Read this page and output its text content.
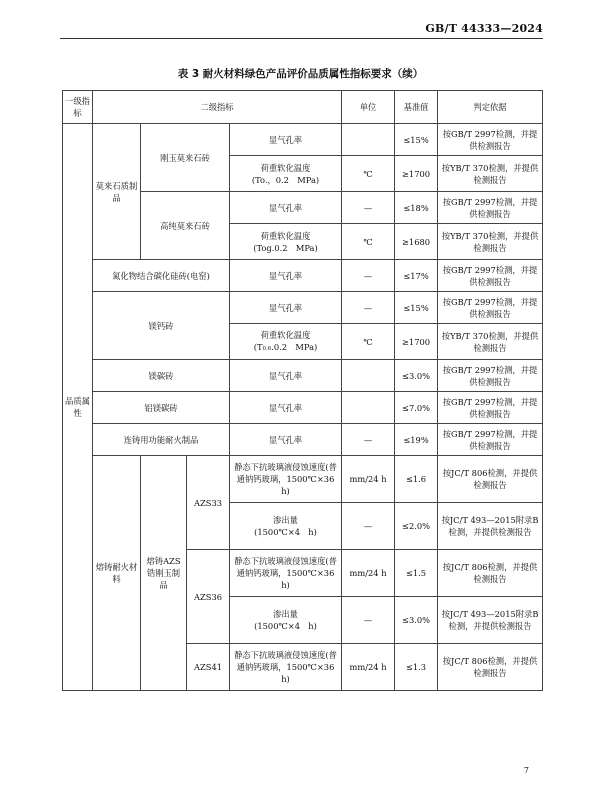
GB/T 44333—2024
表 3 耐火材料绿色产品评价品质属性指标要求（续）
一级指标	二级指标				单位	基准值	判定依据
品质属性	莫来石质制品	刚玉莫来石砖		显气孔率		≤15%	按GB/T 2997检测，并提供检测报告

				荷重软化温度
(To.，0.2　MPa)	℃	≥1700	按YB/T 370检测，并提供检测报告
		高纯莫来石砖		显气孔率	—	≤18%	按GB/T 2997检测，并提供检测报告

				荷重软化温度
(Tog.0.2　MPa)	℃	≥1680	按YB/T 370检测，并提供检测报告
	氮化物结合碳化硅砖(电窑)			显气孔率	—	≤17%	按GB/T 2997检测，并提供检测报告
	镁钙砖			显气孔率	—	≤15%	按GB/T 2997检测，并提供检测报告

				荷重软化温度
(T0.6.0.2　MPa)	℃	≥1700	按YB/T 370检测，并提供检测报告
	镁碳砖			显气孔率		≤3.0%	按GB/T 2997检测，并提供检测报告
	铝镁碳砖			显气孔率		≤7.0%	按GB/T 2997检测，并提供检测报告
	连铸用功能耐火制品			显气孔率	—	≤19%	按GB/T 2997检测，并提供检测报告
	熔铸耐火材料	熔铸AZS锆刚玉制品	AZS33	静态下抗玻璃液侵蚀速度(普通钠钙玻璃，1500℃×36　h)	mm/24 h	≤1.6	按JC/T 806检测，并提供检测报告

				渗出量
(1500℃×4　h)	—	≤2.0%	按JC/T 493—2015附录B检测，并提供检测报告
			AZS36	静态下抗玻璃液侵蚀速度(普通钠钙玻璃，1500℃×36　h)	mm/24 h	≤1.5	按JC/T 806检测，并提供检测报告

				渗出量
(1500℃×4　h)	—	≤3.0%	按JC/T 493—2015附录B检测，并提供检测报告
			AZS41	静态下抗玻璃液侵蚀速度(普通钠钙玻璃，1500℃×36　h)	mm/24 h	≤1.3	按JC/T 806检测，并提供检测报告
7
